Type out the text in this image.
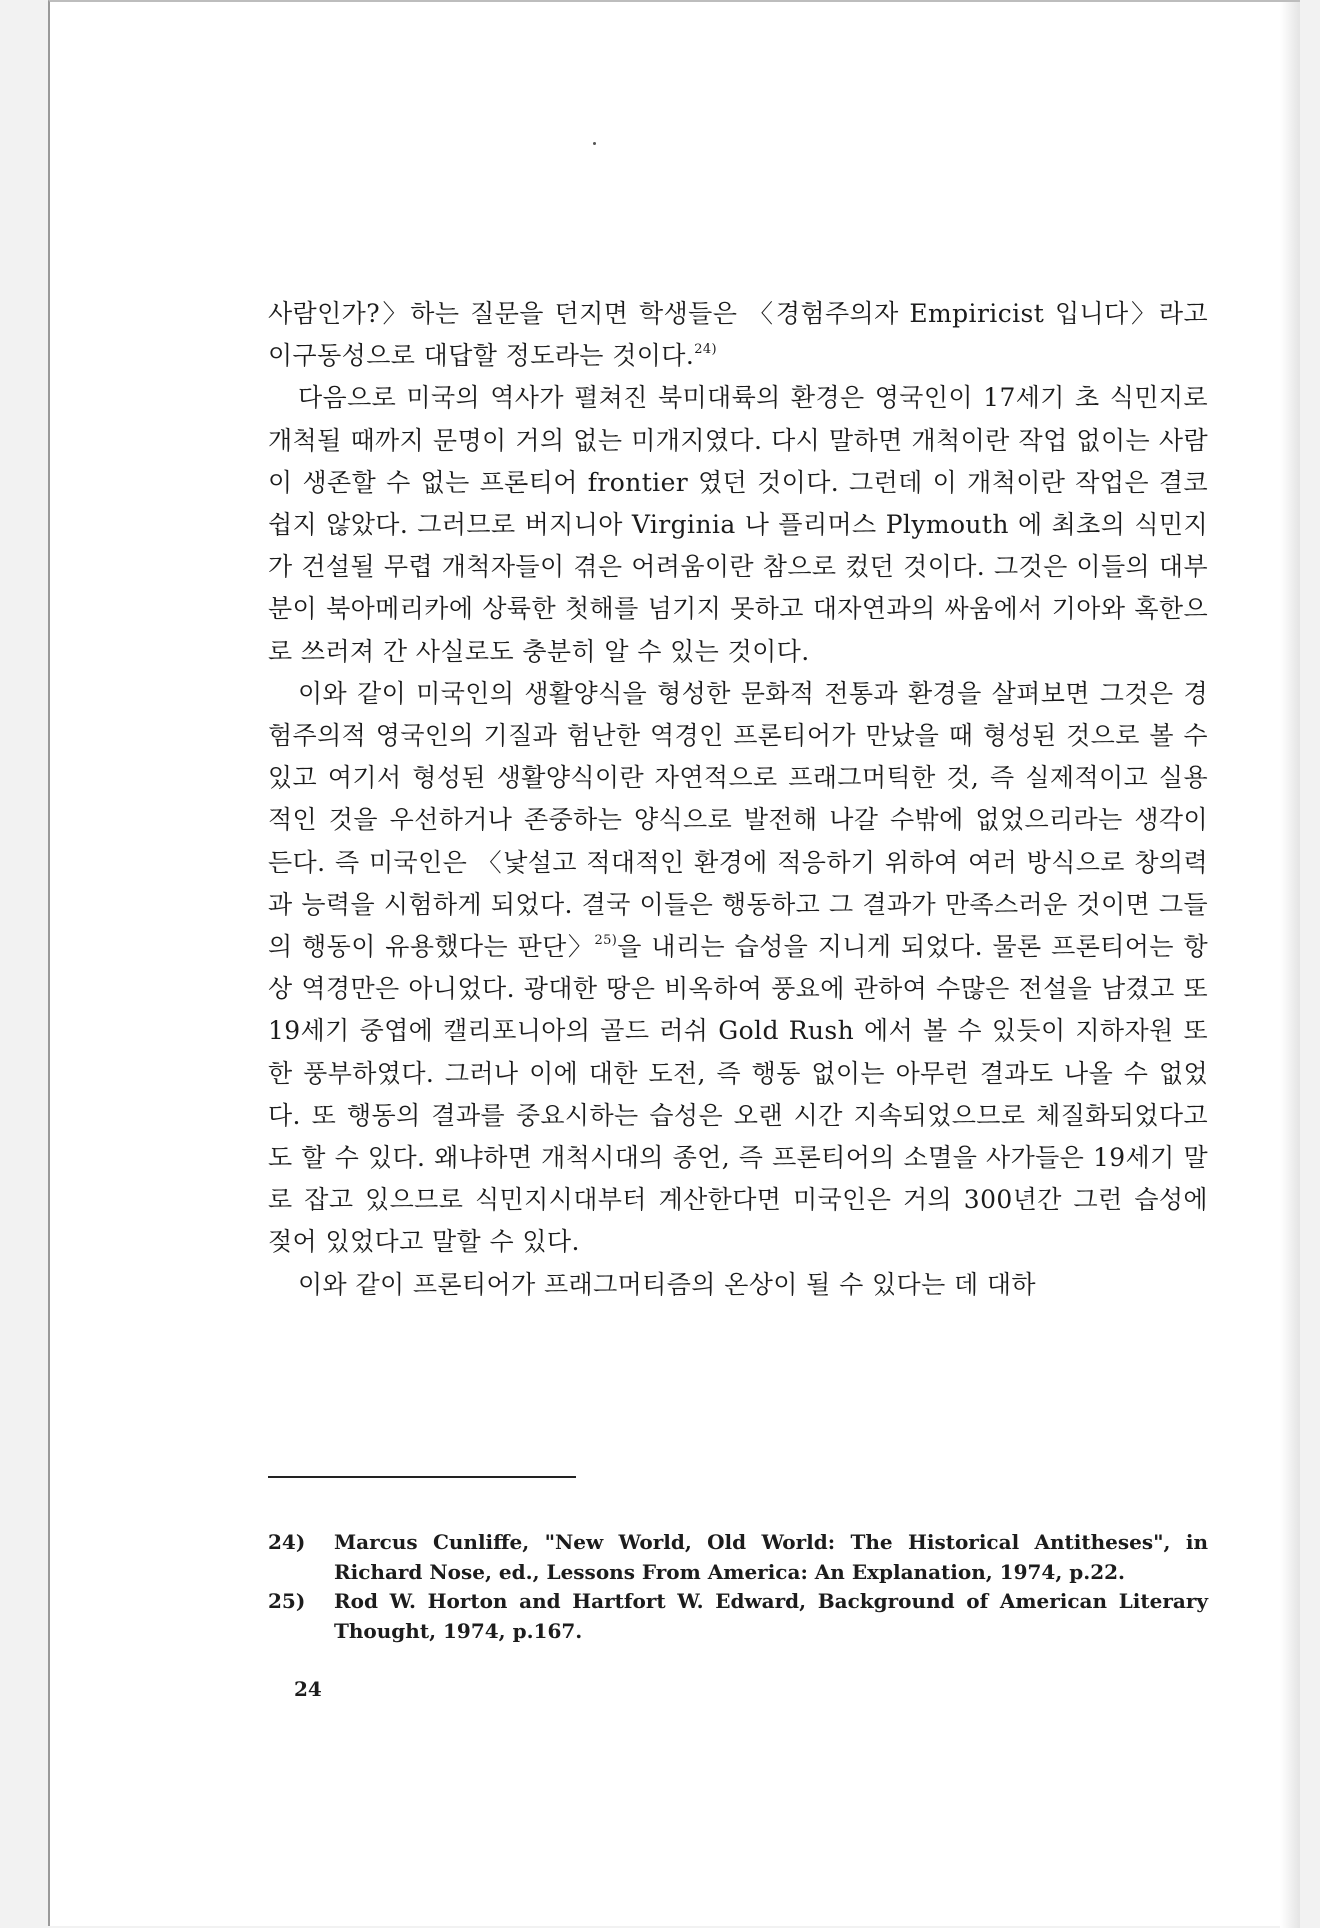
사람인가?〉하는 질문을 던지면 학생들은 〈경험주의자 Empiricist 입니다〉라고 이구동성으로 대답할 정도라는 것이다.$^{24)}$

다음으로 미국의 역사가 펼쳐진 북미대륙의 환경은 영국인이 17세기 초 식민지로 개척될 때까지 문명이 거의 없는 미개지였다. 다시 말하면 개척이란 작업 없이는 사람이 생존할 수 없는 프론티어 frontier 였던 것이다. 그런데 이 개척이란 작업은 결코 쉽지 않았다. 그러므로 버지니아 Virginia 나 플리머스 Plymouth 에 최초의 식민지가 건설될 무렵 개척자들이 겪은 어려움이란 참으로 컸던 것이다. 그것은 이들의 대부분이 북아메리카에 상륙한 첫해를 넘기지 못하고 대자연과의 싸움에서 기아와 혹한으로 쓰러져 간 사실로도 충분히 알 수 있는 것이다.

이와 같이 미국인의 생활양식을 형성한 문화적 전통과 환경을 살펴보면 그것은 경험주의적 영국인의 기질과 험난한 역경인 프론티어가 만났을 때 형성된 것으로 볼 수 있고 여기서 형성된 생활양식이란 자연적으로 프래그머틱한 것, 즉 실제적이고 실용적인 것을 우선하거나 존중하는 양식으로 발전해 나갈 수밖에 없었으리라는 생각이 든다. 즉 미국인은 〈낯설고 적대적인 환경에 적응하기 위하여 여러 방식으로 창의력과 능력을 시험하게 되었다. 결국 이들은 행동하고 그 결과가 만족스러운 것이면 그들의 행동이 유용했다는 판단〉$^{25)}$을 내리는 습성을 지니게 되었다. 물론 프론티어는 항상 역경만은 아니었다. 광대한 땅은 비옥하여 풍요에 관하여 수많은 전설을 남겼고 또 19세기 중엽에 캘리포니아의 골드 러쉬 Gold Rush 에서 볼 수 있듯이 지하자원 또한 풍부하였다. 그러나 이에 대한 도전, 즉 행동 없이는 아무런 결과도 나올 수 없었다. 또 행동의 결과를 중요시하는 습성은 오랜 시간 지속되었으므로 체질화되었다고도 할 수 있다. 왜냐하면 개척시대의 종언, 즉 프론티어의 소멸을 사가들은 19세기 말로 잡고 있으므로 식민지시대부터 계산한다면 미국인은 거의 300년간 그런 습성에 젖어 있었다고 말할 수 있다.

이와 같이 프론티어가 프래그머티즘의 온상이 될 수 있다는 데 대하

24)	Marcus Cunliffe, "New World, Old World: The Historical Antitheses", in Richard Nose, ed., Lessons From America: An Explanation, 1974, p.22.
25)	Rod W. Horton and Hartfort W. Edward, Background of American Literary Thought, 1974, p.167.
24
